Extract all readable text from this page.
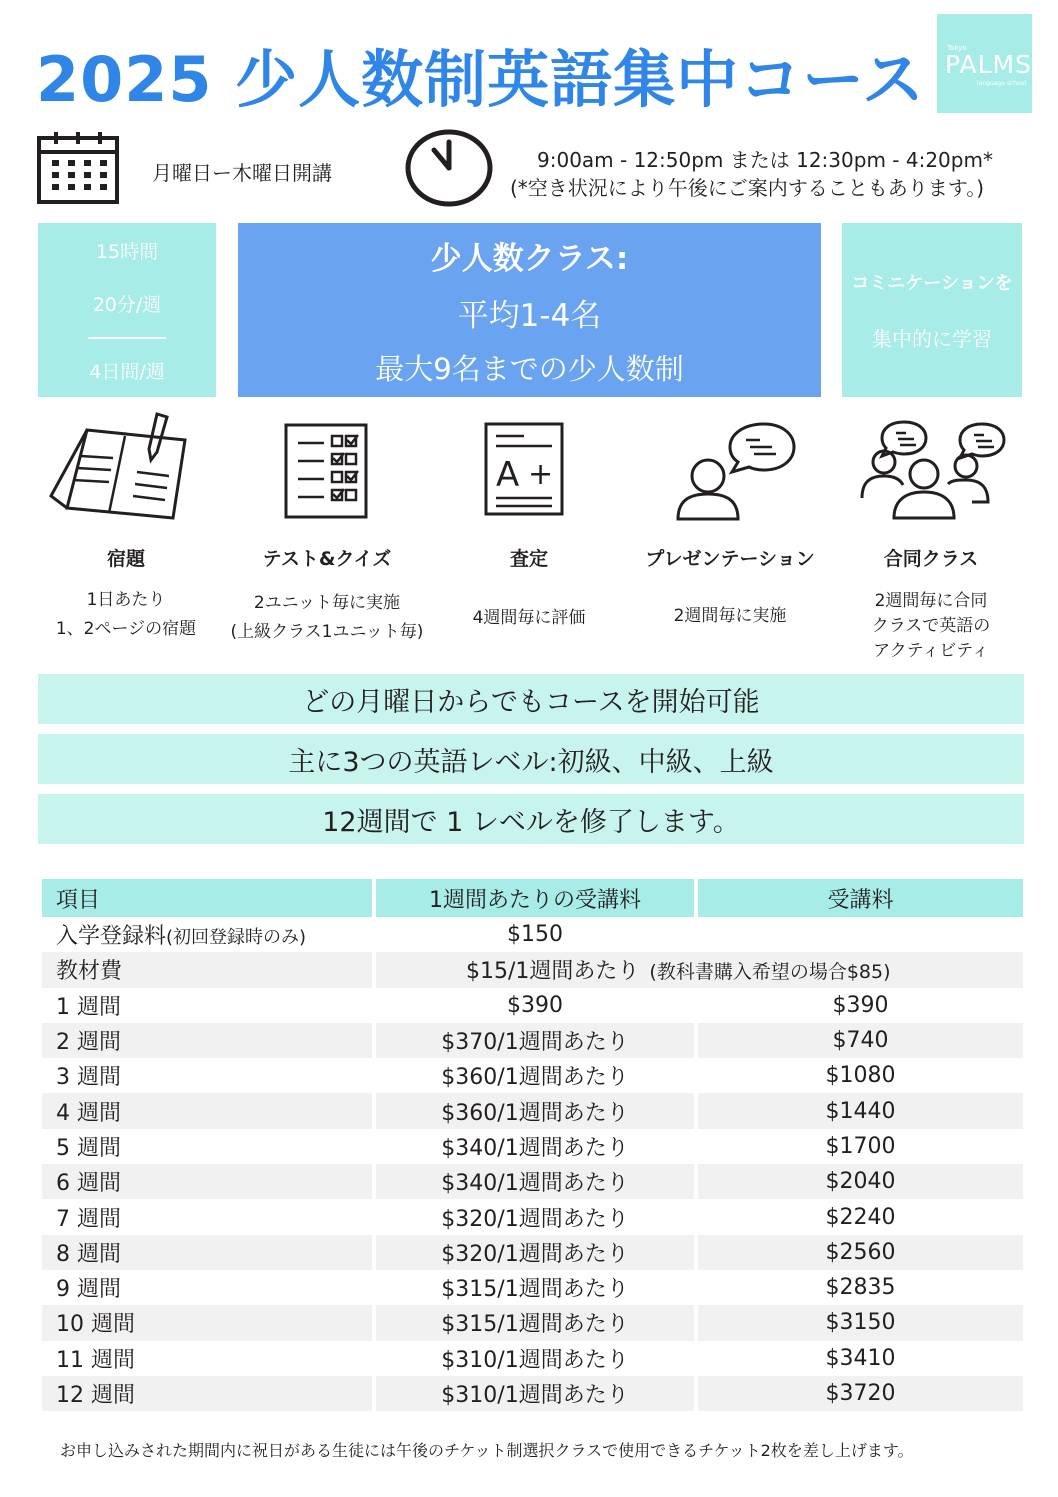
2025 少人数制英語集中コース	Tokyo
PALMS
language school
月曜日ー木曜日開講
9:00am - 12:50pm または 12:30pm - 4:20pm*
(*空き状況により午後にご案内することもあります。)
15時間
20分/週
4日間/週
少人数クラス:
平均1-4名
最大9名までの少人数制
コミニケーションを
集中的に学習
A +
宿題	テスト&クイズ	査定	プレゼンテーション	合同クラス
1日あたり
1、2ページの宿題
2ユニット毎に実施
(上級クラス1ユニット毎)
4週間毎に評価	2週間毎に実施
2週間毎に合同
クラスで英語の
アクティビティ
どの月曜日からでもコースを開始可能
主に3つの英語レベル:初級、中級、上級
12週間で 1 レベルを修了します。
項目	1週間あたりの受講料	受講料
入学登録料(初回登録時のみ)	$150	
教材費	$15/1週間あたり (教科書購入希望の場合$85)	
1 週間	$390	$390
2 週間	$370/1週間あたり	$740
3 週間	$360/1週間あたり	$1080
4 週間	$360/1週間あたり	$1440
5 週間	$340/1週間あたり	$1700
6 週間	$340/1週間あたり	$2040
7 週間	$320/1週間あたり	$2240
8 週間	$320/1週間あたり	$2560
9 週間	$315/1週間あたり	$2835
10 週間	$315/1週間あたり	$3150
11 週間	$310/1週間あたり	$3410
12 週間	$310/1週間あたり	$3720
お申し込みされた期間内に祝日がある生徒には午後のチケット制選択クラスで使用できるチケット2枚を差し上げます。
